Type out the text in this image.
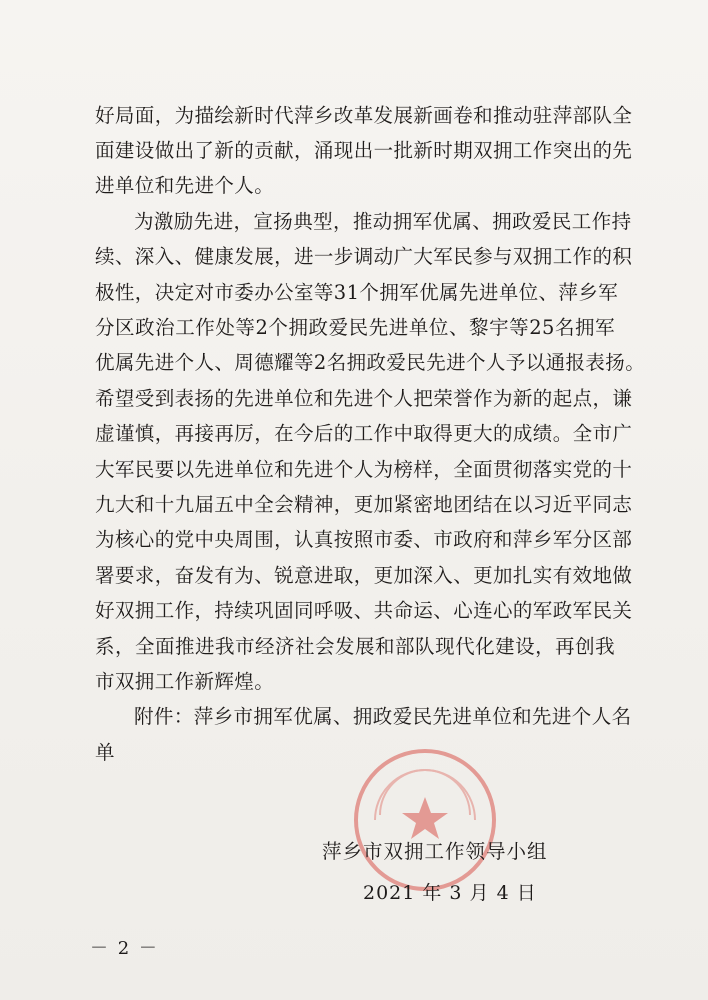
好局面，为描绘新时代萍乡改革发展新画卷和推动驻萍部队全
面建设做出了新的贡献，涌现出一批新时期双拥工作突出的先
进单位和先进个人。
为激励先进，宣扬典型，推动拥军优属、拥政爱民工作持
续、深入、健康发展，进一步调动广大军民参与双拥工作的积
极性，决定对市委办公室等31个拥军优属先进单位、萍乡军
分区政治工作处等2个拥政爱民先进单位、黎宇等25名拥军
优属先进个人、周德耀等2名拥政爱民先进个人予以通报表扬。
希望受到表扬的先进单位和先进个人把荣誉作为新的起点，谦
虚谨慎，再接再厉，在今后的工作中取得更大的成绩。全市广
大军民要以先进单位和先进个人为榜样，全面贯彻落实党的十
九大和十九届五中全会精神，更加紧密地团结在以习近平同志
为核心的党中央周围，认真按照市委、市政府和萍乡军分区部
署要求，奋发有为、锐意进取，更加深入、更加扎实有效地做
好双拥工作，持续巩固同呼吸、共命运、心连心的军政军民关
系，全面推进我市经济社会发展和部队现代化建设，再创我
市双拥工作新辉煌。
附件：萍乡市拥军优属、拥政爱民先进单位和先进个人名
单
萍乡市双拥工作领导小组
2021 年 3 月 4 日
－ 2 －
